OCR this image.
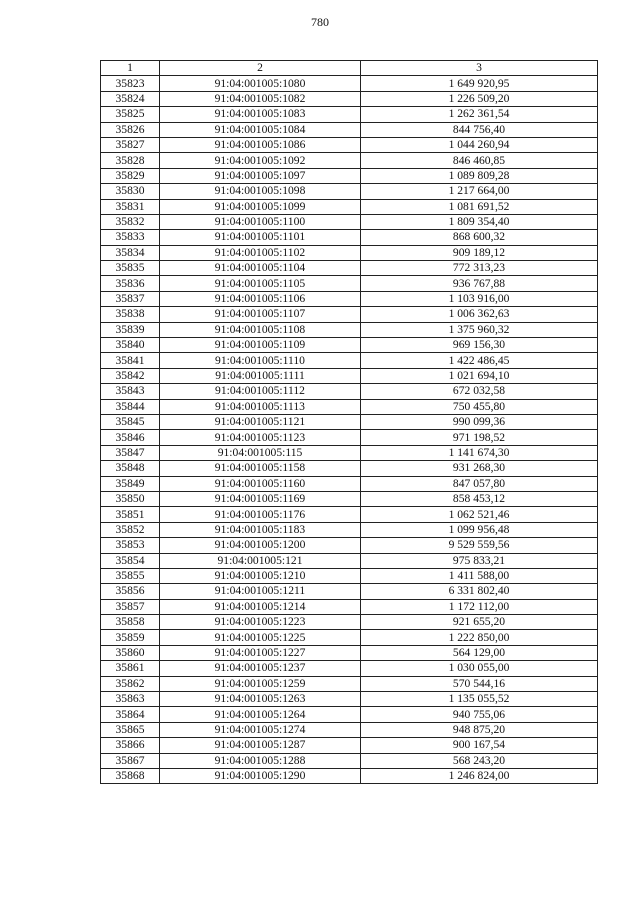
780
1	2	3
35823	91:04:001005:1080	1 649 920,95
35824	91:04:001005:1082	1 226 509,20
35825	91:04:001005:1083	1 262 361,54
35826	91:04:001005:1084	844 756,40
35827	91:04:001005:1086	1 044 260,94
35828	91:04:001005:1092	846 460,85
35829	91:04:001005:1097	1 089 809,28
35830	91:04:001005:1098	1 217 664,00
35831	91:04:001005:1099	1 081 691,52
35832	91:04:001005:1100	1 809 354,40
35833	91:04:001005:1101	868 600,32
35834	91:04:001005:1102	909 189,12
35835	91:04:001005:1104	772 313,23
35836	91:04:001005:1105	936 767,88
35837	91:04:001005:1106	1 103 916,00
35838	91:04:001005:1107	1 006 362,63
35839	91:04:001005:1108	1 375 960,32
35840	91:04:001005:1109	969 156,30
35841	91:04:001005:1110	1 422 486,45
35842	91:04:001005:1111	1 021 694,10
35843	91:04:001005:1112	672 032,58
35844	91:04:001005:1113	750 455,80
35845	91:04:001005:1121	990 099,36
35846	91:04:001005:1123	971 198,52
35847	91:04:001005:115	1 141 674,30
35848	91:04:001005:1158	931 268,30
35849	91:04:001005:1160	847 057,80
35850	91:04:001005:1169	858 453,12
35851	91:04:001005:1176	1 062 521,46
35852	91:04:001005:1183	1 099 956,48
35853	91:04:001005:1200	9 529 559,56
35854	91:04:001005:121	975 833,21
35855	91:04:001005:1210	1 411 588,00
35856	91:04:001005:1211	6 331 802,40
35857	91:04:001005:1214	1 172 112,00
35858	91:04:001005:1223	921 655,20
35859	91:04:001005:1225	1 222 850,00
35860	91:04:001005:1227	564 129,00
35861	91:04:001005:1237	1 030 055,00
35862	91:04:001005:1259	570 544,16
35863	91:04:001005:1263	1 135 055,52
35864	91:04:001005:1264	940 755,06
35865	91:04:001005:1274	948 875,20
35866	91:04:001005:1287	900 167,54
35867	91:04:001005:1288	568 243,20
35868	91:04:001005:1290	1 246 824,00
